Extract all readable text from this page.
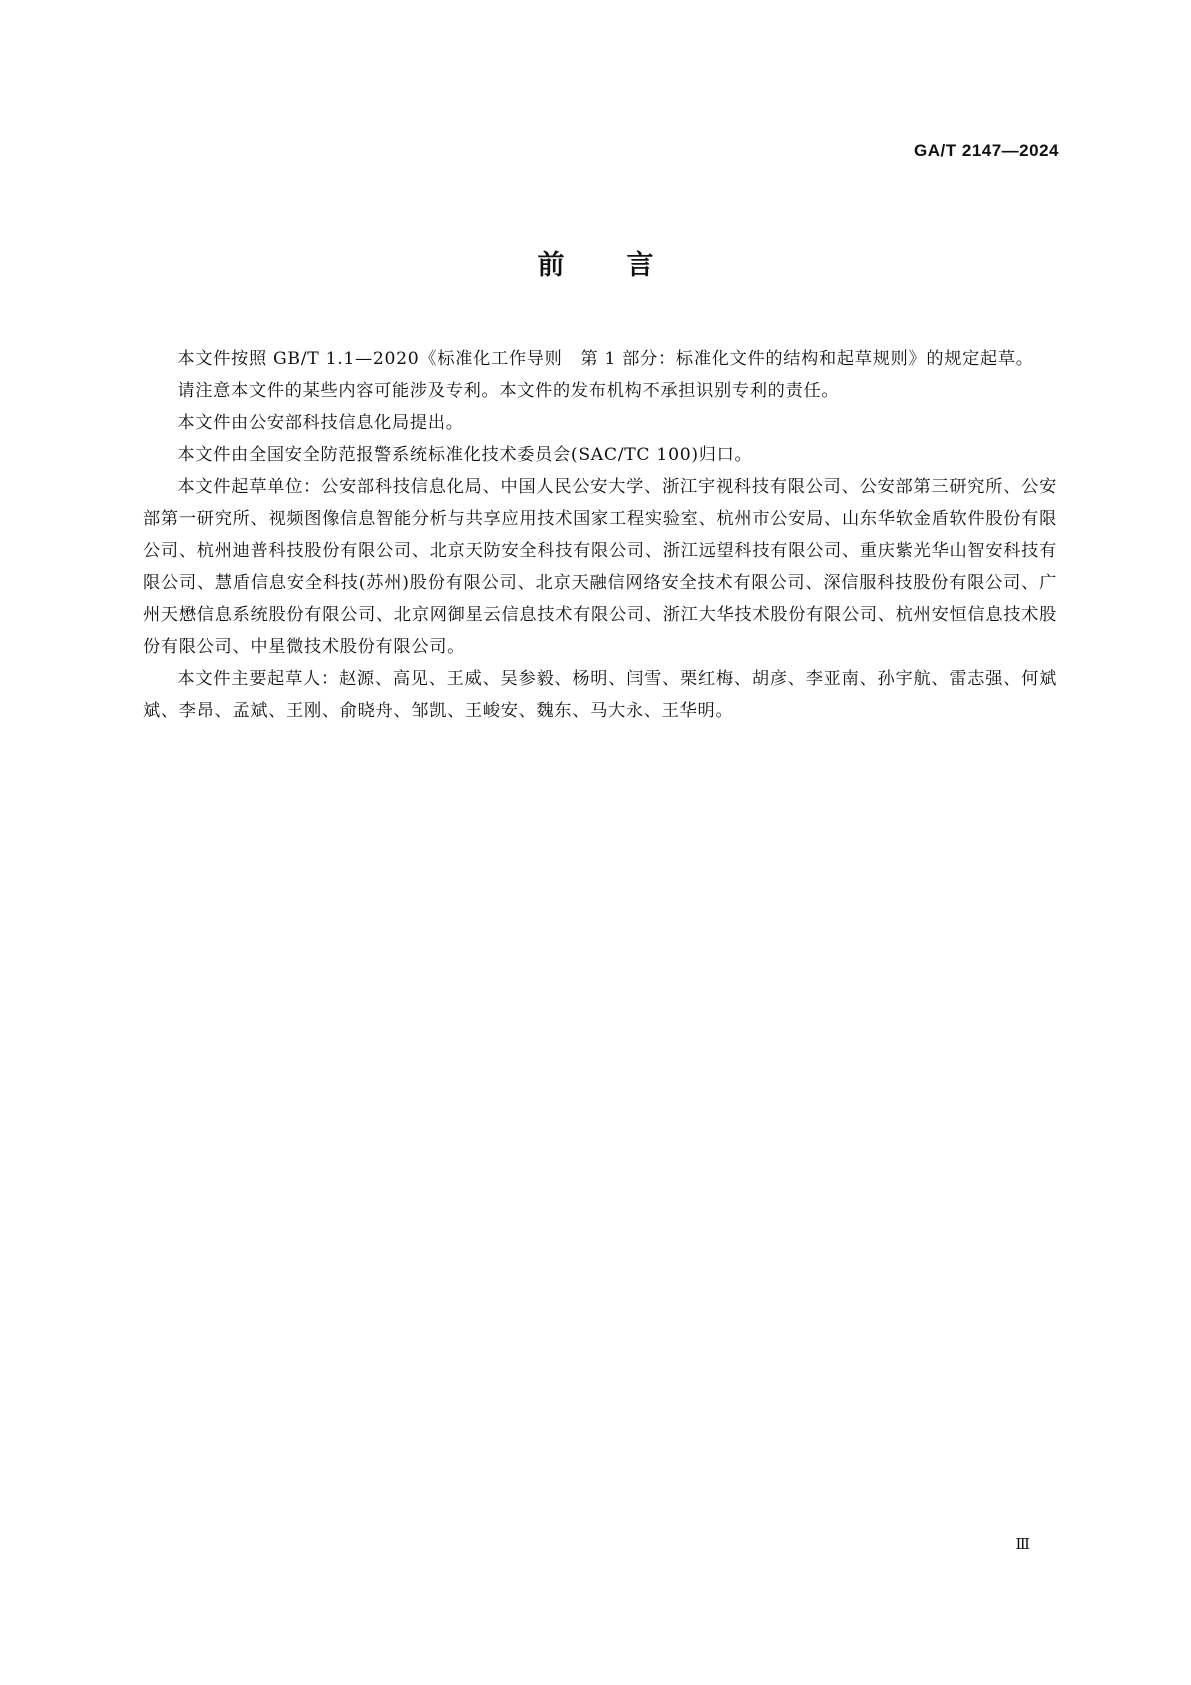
GA/T 2147—2024
前言

本文件按照 GB/T 1.1—2020《标准化工作导则　第 1 部分：标准化文件的结构和起草规则》的规定起草。

请注意本文件的某些内容可能涉及专利。本文件的发布机构不承担识别专利的责任。

本文件由公安部科技信息化局提出。

本文件由全国安全防范报警系统标准化技术委员会(SAC/TC 100)归口。

本文件起草单位：公安部科技信息化局、中国人民公安大学、浙江宇视科技有限公司、公安部第三研究所、公安部第一研究所、视频图像信息智能分析与共享应用技术国家工程实验室、杭州市公安局、山东华软金盾软件股份有限公司、杭州迪普科技股份有限公司、北京天防安全科技有限公司、浙江远望科技有限公司、重庆紫光华山智安科技有限公司、慧盾信息安全科技(苏州)股份有限公司、北京天融信网络安全技术有限公司、深信服科技股份有限公司、广州天懋信息系统股份有限公司、北京网御星云信息技术有限公司、浙江大华技术股份有限公司、杭州安恒信息技术股份有限公司、中星微技术股份有限公司。

本文件主要起草人：赵源、高见、王威、吴参毅、杨明、闫雪、栗红梅、胡彦、李亚南、孙宇航、雷志强、何斌斌、李昂、孟斌、王刚、俞晓舟、邹凯、王峻安、魏东、马大永、王华明。

Ⅲ
